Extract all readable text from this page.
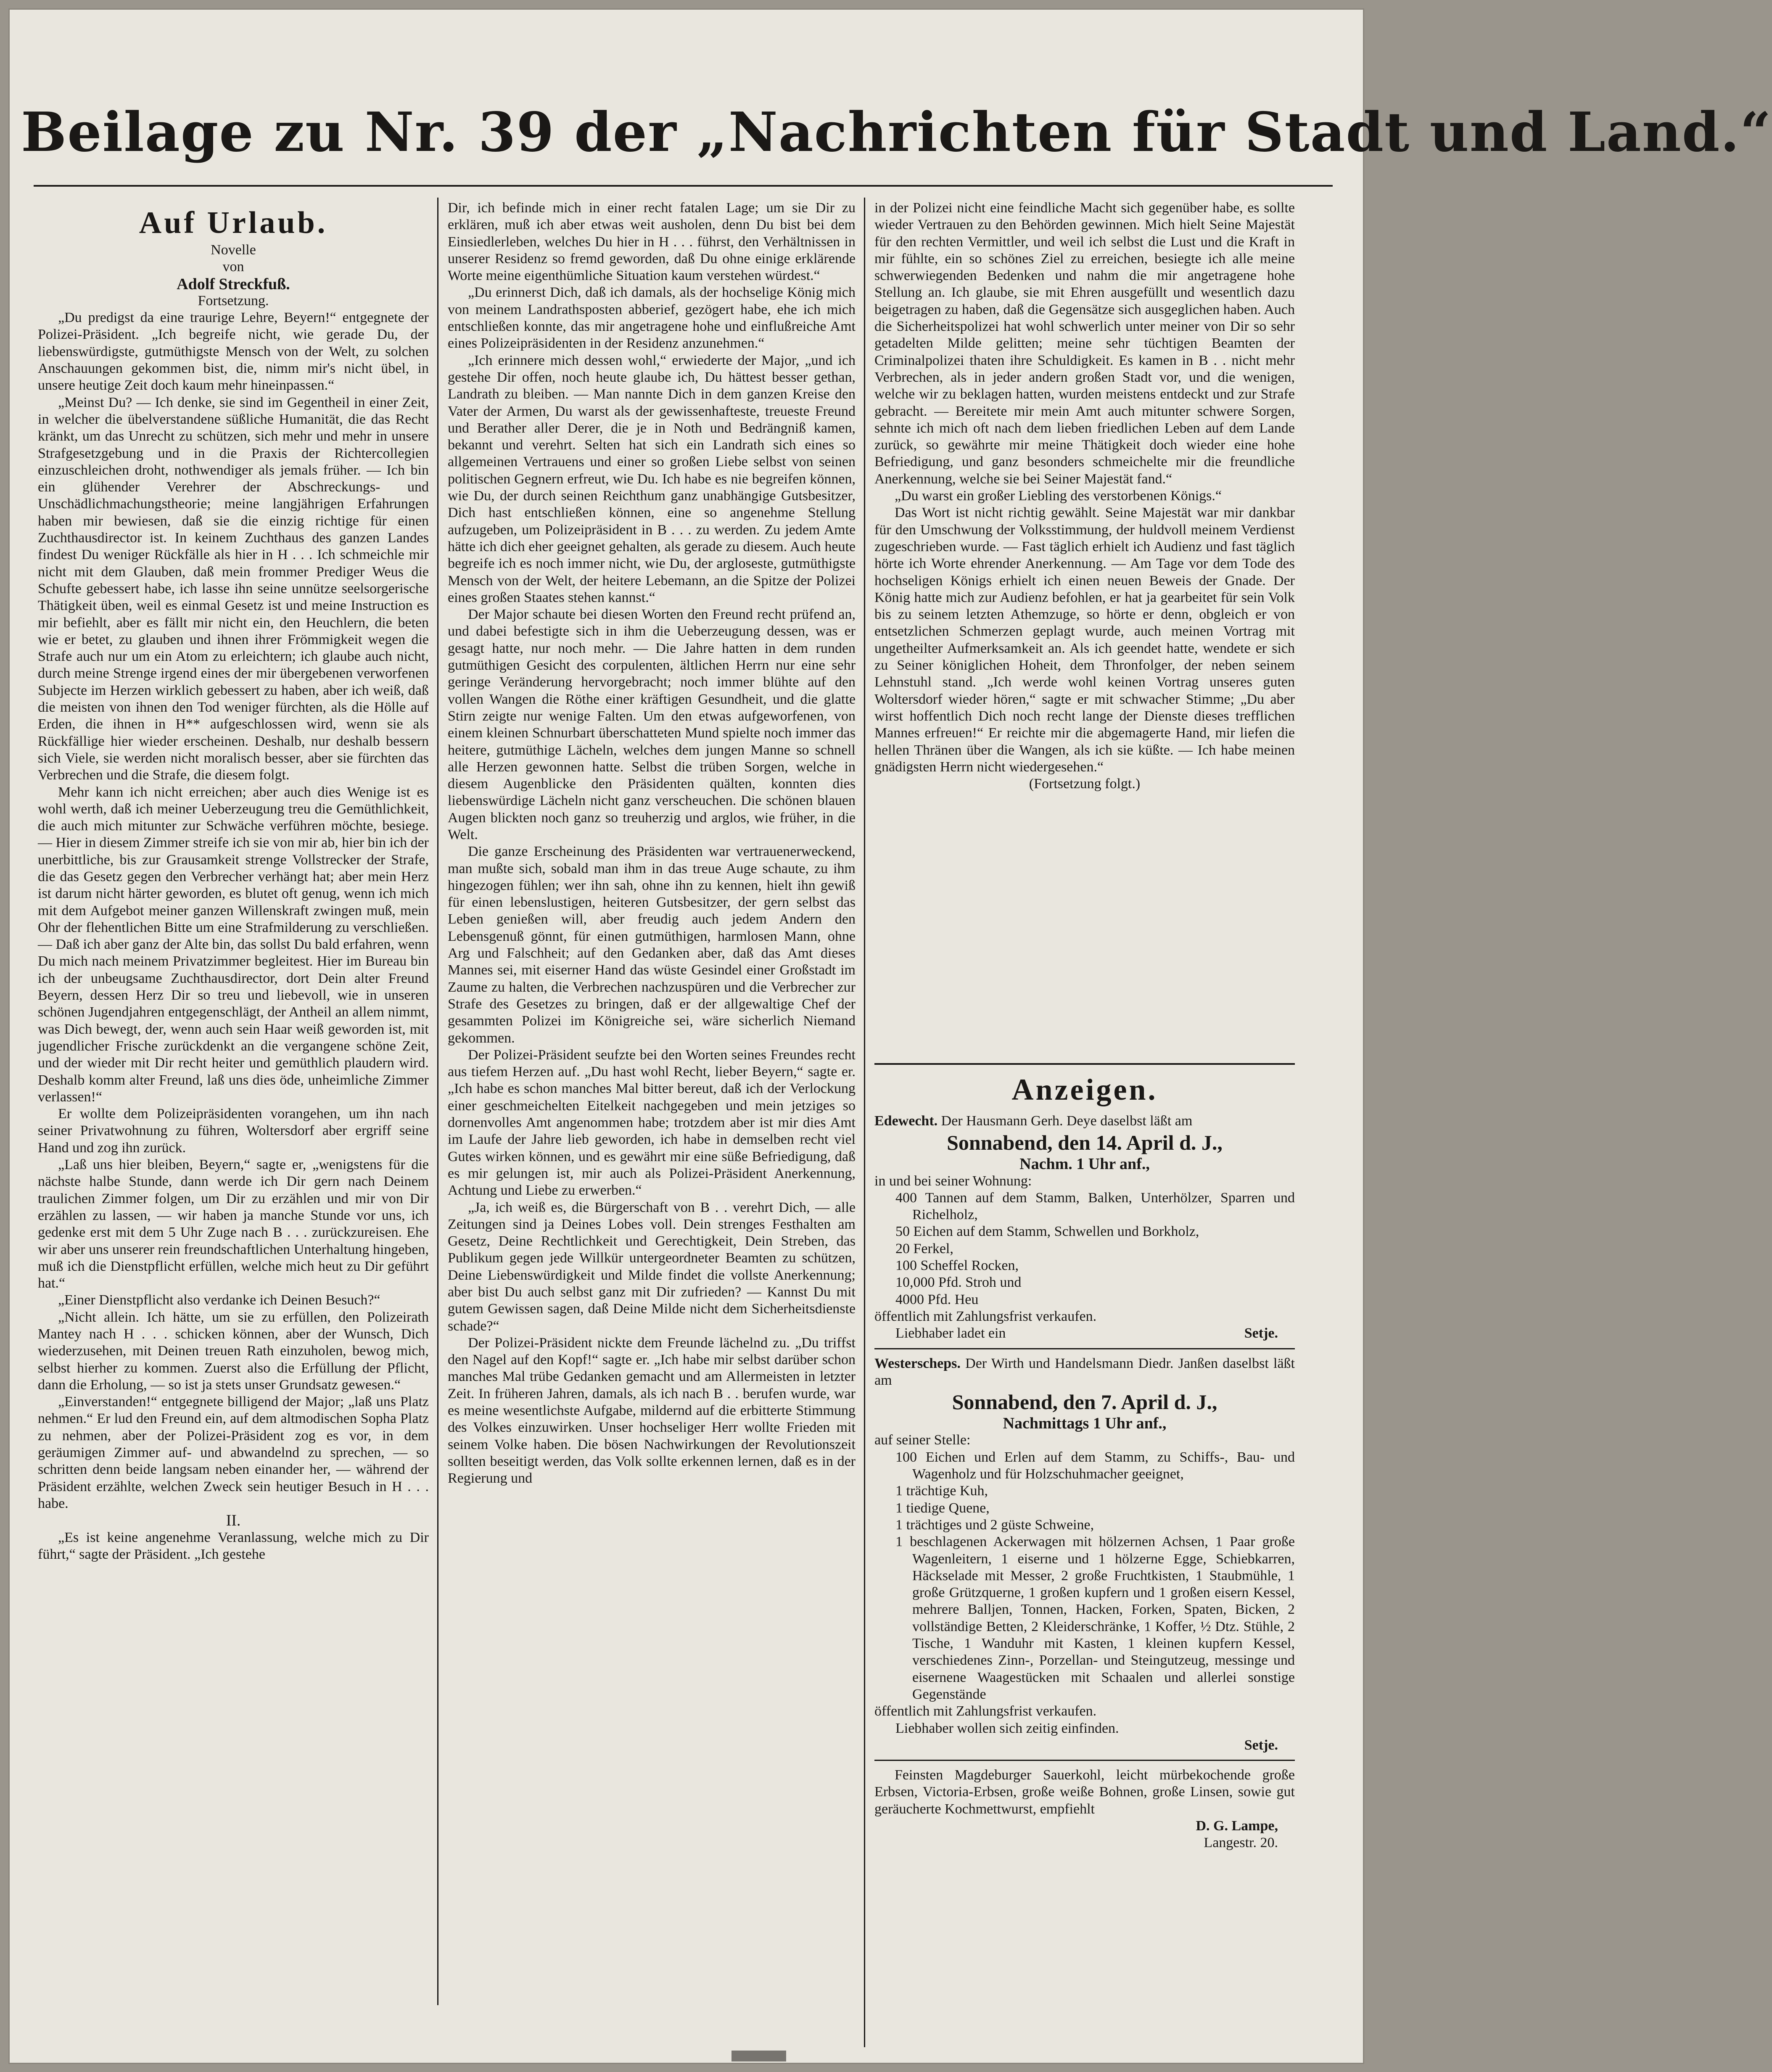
Beilage zu Nr. 39 der „Nachrichten für Stadt und Land.“

Auf Urlaub.

Novelle

von

Adolf Streckfuß.

Fortsetzung.

„Du predigst da eine traurige Lehre, Beyern!“ entgegnete der Polizei-Präsident. „Ich begreife nicht, wie gerade Du, der liebenswürdigste, gutmüthigste Mensch von der Welt, zu solchen Anschauungen gekommen bist, die, nimm mir's nicht übel, in unsere heutige Zeit doch kaum mehr hineinpassen.“

„Meinst Du? — Ich denke, sie sind im Gegentheil in einer Zeit, in welcher die übelverstandene süßliche Humanität, die das Recht kränkt, um das Unrecht zu schützen, sich mehr und mehr in unsere Strafgesetzgebung und in die Praxis der Richtercollegien einzuschleichen droht, nothwendiger als jemals früher. — Ich bin ein glühender Verehrer der Abschreckungs- und Unschädlichmachungstheorie; meine langjährigen Erfahrungen haben mir bewiesen, daß sie die einzig richtige für einen Zuchthausdirector ist. In keinem Zuchthaus des ganzen Landes findest Du weniger Rückfälle als hier in H . . . Ich schmeichle mir nicht mit dem Glauben, daß mein frommer Prediger Weus die Schufte gebessert habe, ich lasse ihn seine unnütze seelsorgerische Thätigkeit üben, weil es einmal Gesetz ist und meine Instruction es mir befiehlt, aber es fällt mir nicht ein, den Heuchlern, die beten wie er betet, zu glauben und ihnen ihrer Frömmigkeit wegen die Strafe auch nur um ein Atom zu erleichtern; ich glaube auch nicht, durch meine Strenge irgend eines der mir übergebenen verworfenen Subjecte im Herzen wirklich gebessert zu haben, aber ich weiß, daß die meisten von ihnen den Tod weniger fürchten, als die Hölle auf Erden, die ihnen in H** aufgeschlossen wird, wenn sie als Rückfällige hier wieder erscheinen. Deshalb, nur deshalb bessern sich Viele, sie werden nicht moralisch besser, aber sie fürchten das Verbrechen und die Strafe, die diesem folgt.

Mehr kann ich nicht erreichen; aber auch dies Wenige ist es wohl werth, daß ich meiner Ueberzeugung treu die Gemüthlichkeit, die auch mich mitunter zur Schwäche verführen möchte, besiege. — Hier in diesem Zimmer streife ich sie von mir ab, hier bin ich der unerbittliche, bis zur Grausamkeit strenge Vollstrecker der Strafe, die das Gesetz gegen den Verbrecher verhängt hat; aber mein Herz ist darum nicht härter geworden, es blutet oft genug, wenn ich mich mit dem Aufgebot meiner ganzen Willenskraft zwingen muß, mein Ohr der flehentlichen Bitte um eine Strafmilderung zu verschließen. — Daß ich aber ganz der Alte bin, das sollst Du bald erfahren, wenn Du mich nach meinem Privatzimmer begleitest. Hier im Bureau bin ich der unbeugsame Zuchthausdirector, dort Dein alter Freund Beyern, dessen Herz Dir so treu und liebevoll, wie in unseren schönen Jugendjahren entgegenschlägt, der Antheil an allem nimmt, was Dich bewegt, der, wenn auch sein Haar weiß geworden ist, mit jugendlicher Frische zurückdenkt an die vergangene schöne Zeit, und der wieder mit Dir recht heiter und gemüthlich plaudern wird. Deshalb komm alter Freund, laß uns dies öde, unheimliche Zimmer verlassen!“

Er wollte dem Polizeipräsidenten vorangehen, um ihn nach seiner Privatwohnung zu führen, Woltersdorf aber ergriff seine Hand und zog ihn zurück.

„Laß uns hier bleiben, Beyern,“ sagte er, „wenigstens für die nächste halbe Stunde, dann werde ich Dir gern nach Deinem traulichen Zimmer folgen, um Dir zu erzählen und mir von Dir erzählen zu lassen, — wir haben ja manche Stunde vor uns, ich gedenke erst mit dem 5 Uhr Zuge nach B . . . zurückzureisen. Ehe wir aber uns unserer rein freundschaftlichen Unterhaltung hingeben, muß ich die Dienstpflicht erfüllen, welche mich heut zu Dir geführt hat.“

„Einer Dienstpflicht also verdanke ich Deinen Besuch?“

„Nicht allein. Ich hätte, um sie zu erfüllen, den Polizeirath Mantey nach H . . . schicken können, aber der Wunsch, Dich wiederzusehen, mit Deinen treuen Rath einzuholen, bewog mich, selbst hierher zu kommen. Zuerst also die Erfüllung der Pflicht, dann die Erholung, — so ist ja stets unser Grundsatz gewesen.“

„Einverstanden!“ entgegnete billigend der Major; „laß uns Platz nehmen.“ Er lud den Freund ein, auf dem altmodischen Sopha Platz zu nehmen, aber der Polizei-Präsident zog es vor, in dem geräumigen Zimmer auf- und abwandelnd zu sprechen, — so schritten denn beide langsam neben einander her, — während der Präsident erzählte, welchen Zweck sein heutiger Besuch in H . . . habe.

II.

„Es ist keine angenehme Veranlassung, welche mich zu Dir führt,“ sagte der Präsident. „Ich gestehe

Dir, ich befinde mich in einer recht fatalen Lage; um sie Dir zu erklären, muß ich aber etwas weit ausholen, denn Du bist bei dem Einsiedlerleben, welches Du hier in H . . . führst, den Verhältnissen in unserer Residenz so fremd geworden, daß Du ohne einige erklärende Worte meine eigenthümliche Situation kaum verstehen würdest.“

„Du erinnerst Dich, daß ich damals, als der hochselige König mich von meinem Landrathsposten abberief, gezögert habe, ehe ich mich entschließen konnte, das mir angetragene hohe und einflußreiche Amt eines Polizeipräsidenten in der Residenz anzunehmen.“

„Ich erinnere mich dessen wohl,“ erwiederte der Major, „und ich gestehe Dir offen, noch heute glaube ich, Du hättest besser gethan, Landrath zu bleiben. — Man nannte Dich in dem ganzen Kreise den Vater der Armen, Du warst als der gewissenhafteste, treueste Freund und Berather aller Derer, die je in Noth und Bedrängniß kamen, bekannt und verehrt. Selten hat sich ein Landrath sich eines so allgemeinen Vertrauens und einer so großen Liebe selbst von seinen politischen Gegnern erfreut, wie Du. Ich habe es nie begreifen können, wie Du, der durch seinen Reichthum ganz unabhängige Gutsbesitzer, Dich hast entschließen können, eine so angenehme Stellung aufzugeben, um Polizeipräsident in B . . . zu werden. Zu jedem Amte hätte ich dich eher geeignet gehalten, als gerade zu diesem. Auch heute begreife ich es noch immer nicht, wie Du, der argloseste, gutmüthigste Mensch von der Welt, der heitere Lebemann, an die Spitze der Polizei eines großen Staates stehen kannst.“

Der Major schaute bei diesen Worten den Freund recht prüfend an, und dabei befestigte sich in ihm die Ueberzeugung dessen, was er gesagt hatte, nur noch mehr. — Die Jahre hatten in dem runden gutmüthigen Gesicht des corpulenten, ältlichen Herrn nur eine sehr geringe Veränderung hervorgebracht; noch immer blühte auf den vollen Wangen die Röthe einer kräftigen Gesundheit, und die glatte Stirn zeigte nur wenige Falten. Um den etwas aufgeworfenen, von einem kleinen Schnurbart überschatteten Mund spielte noch immer das heitere, gutmüthige Lächeln, welches dem jungen Manne so schnell alle Herzen gewonnen hatte. Selbst die trüben Sorgen, welche in diesem Augenblicke den Präsidenten quälten, konnten dies liebenswürdige Lächeln nicht ganz verscheuchen. Die schönen blauen Augen blickten noch ganz so treuherzig und arglos, wie früher, in die Welt.

Die ganze Erscheinung des Präsidenten war vertrauenerweckend, man mußte sich, sobald man ihm in das treue Auge schaute, zu ihm hingezogen fühlen; wer ihn sah, ohne ihn zu kennen, hielt ihn gewiß für einen lebenslustigen, heiteren Gutsbesitzer, der gern selbst das Leben genießen will, aber freudig auch jedem Andern den Lebensgenuß gönnt, für einen gutmüthigen, harmlosen Mann, ohne Arg und Falschheit; auf den Gedanken aber, daß das Amt dieses Mannes sei, mit eiserner Hand das wüste Gesindel einer Großstadt im Zaume zu halten, die Verbrechen nachzuspüren und die Verbrecher zur Strafe des Gesetzes zu bringen, daß er der allgewaltige Chef der gesammten Polizei im Königreiche sei, wäre sicherlich Niemand gekommen.

Der Polizei-Präsident seufzte bei den Worten seines Freundes recht aus tiefem Herzen auf. „Du hast wohl Recht, lieber Beyern,“ sagte er. „Ich habe es schon manches Mal bitter bereut, daß ich der Verlockung einer geschmeichelten Eitelkeit nachgegeben und mein jetziges so dornenvolles Amt angenommen habe; trotzdem aber ist mir dies Amt im Laufe der Jahre lieb geworden, ich habe in demselben recht viel Gutes wirken können, und es gewährt mir eine süße Befriedigung, daß es mir gelungen ist, mir auch als Polizei-Präsident Anerkennung, Achtung und Liebe zu erwerben.“

„Ja, ich weiß es, die Bürgerschaft von B . . verehrt Dich, — alle Zeitungen sind ja Deines Lobes voll. Dein strenges Festhalten am Gesetz, Deine Rechtlichkeit und Gerechtigkeit, Dein Streben, das Publikum gegen jede Willkür untergeordneter Beamten zu schützen, Deine Liebenswürdigkeit und Milde findet die vollste Anerkennung; aber bist Du auch selbst ganz mit Dir zufrieden? — Kannst Du mit gutem Gewissen sagen, daß Deine Milde nicht dem Sicherheitsdienste schade?“

Der Polizei-Präsident nickte dem Freunde lächelnd zu. „Du triffst den Nagel auf den Kopf!“ sagte er. „Ich habe mir selbst darüber schon manches Mal trübe Gedanken gemacht und am Allermeisten in letzter Zeit. In früheren Jahren, damals, als ich nach B . . berufen wurde, war es meine wesentlichste Aufgabe, mildernd auf die erbitterte Stimmung des Volkes einzuwirken. Unser hochseliger Herr wollte Frieden mit seinem Volke haben. Die bösen Nachwirkungen der Revolutionszeit sollten beseitigt werden, das Volk sollte erkennen lernen, daß es in der Regierung und

in der Polizei nicht eine feindliche Macht sich gegenüber habe, es sollte wieder Vertrauen zu den Behörden gewinnen. Mich hielt Seine Majestät für den rechten Vermittler, und weil ich selbst die Lust und die Kraft in mir fühlte, ein so schönes Ziel zu erreichen, besiegte ich alle meine schwerwiegenden Bedenken und nahm die mir angetragene hohe Stellung an. Ich glaube, sie mit Ehren ausgefüllt und wesentlich dazu beigetragen zu haben, daß die Gegensätze sich ausgeglichen haben. Auch die Sicherheitspolizei hat wohl schwerlich unter meiner von Dir so sehr getadelten Milde gelitten; meine sehr tüchtigen Beamten der Criminalpolizei thaten ihre Schuldigkeit. Es kamen in B . . nicht mehr Verbrechen, als in jeder andern großen Stadt vor, und die wenigen, welche wir zu beklagen hatten, wurden meistens entdeckt und zur Strafe gebracht. — Bereitete mir mein Amt auch mitunter schwere Sorgen, sehnte ich mich oft nach dem lieben friedlichen Leben auf dem Lande zurück, so gewährte mir meine Thätigkeit doch wieder eine hohe Befriedigung, und ganz besonders schmeichelte mir die freundliche Anerkennung, welche sie bei Seiner Majestät fand.“

„Du warst ein großer Liebling des verstorbenen Königs.“

Das Wort ist nicht richtig gewählt. Seine Majestät war mir dankbar für den Umschwung der Volksstimmung, der huldvoll meinem Verdienst zugeschrieben wurde. — Fast täglich erhielt ich Audienz und fast täglich hörte ich Worte ehrender Anerkennung. — Am Tage vor dem Tode des hochseligen Königs erhielt ich einen neuen Beweis der Gnade. Der König hatte mich zur Audienz befohlen, er hat ja gearbeitet für sein Volk bis zu seinem letzten Athemzuge, so hörte er denn, obgleich er von entsetzlichen Schmerzen geplagt wurde, auch meinen Vortrag mit ungetheilter Aufmerksamkeit an. Als ich geendet hatte, wendete er sich zu Seiner königlichen Hoheit, dem Thronfolger, der neben seinem Lehnstuhl stand. „Ich werde wohl keinen Vortrag unseres guten Woltersdorf wieder hören,“ sagte er mit schwacher Stimme; „Du aber wirst hoffentlich Dich noch recht lange der Dienste dieses trefflichen Mannes erfreuen!“ Er reichte mir die abgemagerte Hand, mir liefen die hellen Thränen über die Wangen, als ich sie küßte. — Ich habe meinen gnädigsten Herrn nicht wiedergesehen.“

(Fortsetzung folgt.)

Anzeigen.

Edewecht. Der Hausmann Gerh. Deye daselbst läßt am

Sonnabend, den 14. April d. J.,

Nachm. 1 Uhr anf.,

in und bei seiner Wohnung:

400 Tannen auf dem Stamm, Balken, Unterhölzer, Sparren und Richelholz,

50 Eichen auf dem Stamm, Schwellen und Borkholz,

20 Ferkel,

100 Scheffel Rocken,

10,000 Pfd. Stroh und

4000 Pfd. Heu

öffentlich mit Zahlungsfrist verkaufen.

Liebhaber ladet ein	Setje.

Westerscheps. Der Wirth und Handelsmann Diedr. Janßen daselbst läßt am

Sonnabend, den 7. April d. J.,

Nachmittags 1 Uhr anf.,

auf seiner Stelle:

100 Eichen und Erlen auf dem Stamm, zu Schiffs-, Bau- und Wagenholz und für Holzschuhmacher geeignet,

1 trächtige Kuh,

1 tiedige Quene,

1 trächtiges und 2 güste Schweine,

1 beschlagenen Ackerwagen mit hölzernen Achsen, 1 Paar große Wagenleitern, 1 eiserne und 1 hölzerne Egge, Schiebkarren, Häckselade mit Messer, 2 große Fruchtkisten, 1 Staubmühle, 1 große Grützquerne, 1 großen kupfern und 1 großen eisern Kessel, mehrere Balljen, Tonnen, Hacken, Forken, Spaten, Bicken, 2 vollständige Betten, 2 Kleiderschränke, 1 Koffer, ½ Dtz. Stühle, 2 Tische, 1 Wanduhr mit Kasten, 1 kleinen kupfern Kessel, verschiedenes Zinn-, Porzellan- und Steingutzeug, messinge und eisernene Waagestücken mit Schaalen und allerlei sonstige Gegenstände

öffentlich mit Zahlungsfrist verkaufen.

Liebhaber wollen sich zeitig einfinden.

Setje.

Feinsten Magdeburger Sauerkohl, leicht mürbekochende große Erbsen, Victoria-Erbsen, große weiße Bohnen, große Linsen, sowie gut geräucherte Kochmettwurst, empfiehlt

D. G. Lampe,

Langestr. 20.
